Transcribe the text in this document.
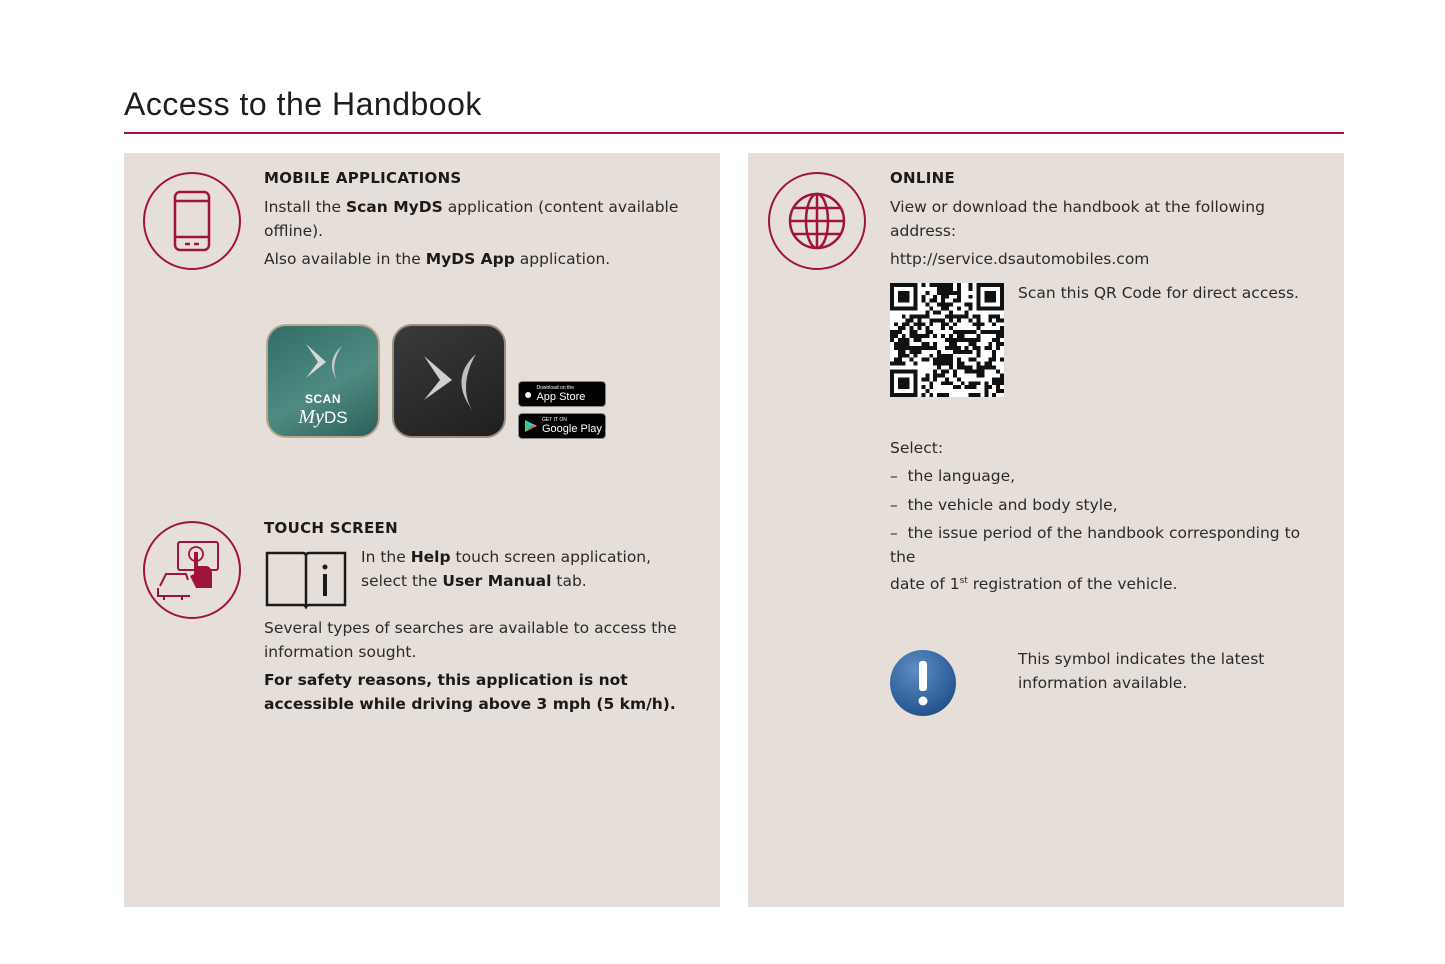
Access to the Handbook

MOBILE APPLICATIONS

Install the Scan MyDS application (content available offline).

Also available in the MyDS App application.

SCAN
MyDS
● Download on the
App Store
GET IT ON
Google Play

TOUCH SCREEN

In the Help touch screen application, select the User Manual tab.

Several types of searches are available to access the information sought.

For safety reasons, this application is not accessible while driving above 3 mph (5 km/h).

ONLINE

View or download the handbook at the following address:

http://service.dsautomobiles.com

Scan this QR Code for direct access.

Select:

–  the language,

–  the vehicle and body style,

–  the issue period of the handbook corresponding to the
date of 1st registration of the vehicle.

This symbol indicates the latest information available.
